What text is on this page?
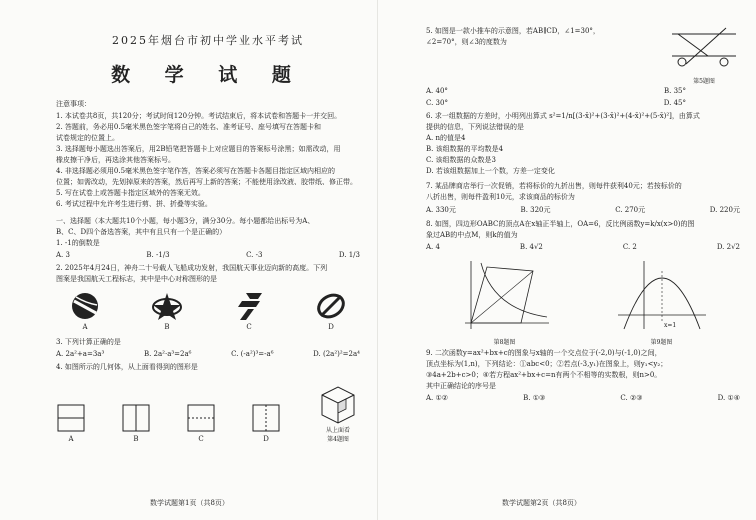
2025年烟台市初中学业水平考试
数 学 试 题
注意事项：
1. 本试卷共8页，共120分；考试时间120分钟。考试结束后，将本试卷和答题卡一并交回。
2. 答题前，务必用0.5毫米黑色签字笔将自己的姓名、准考证号、座号填写在答题卡和
试卷规定的位置上。
3. 选择题每小题选出答案后，用2B铅笔把答题卡上对应题目的答案标号涂黑；如需改动，用
橡皮擦干净后，再选涂其他答案标号。
4. 非选择题必须用0.5毫米黑色签字笔作答，答案必须写在答题卡各题目指定区域内相应的
位置；如需改动，先划掉原来的答案，然后再写上新的答案；不能使用涂改液、胶带纸、修正带。
5. 写在试卷上或答题卡指定区域外的答案无效。
6. 考试过程中允许考生进行剪、拼、折叠等实验。
一、选择题（本大题共10个小题，每小题3分，满分30分。每小题都给出标号为A、
B、C、D四个备选答案，其中有且只有一个是正确的）
1. -1的倒数是
A. 3	B. -1/3	C. -3	D. 1/3
2. 2025年4月24日，神舟二十号载人飞船成功发射，我国航天事业迈向新的高度。下列
图案是我国航天工程标志，其中是中心对称图形的是
A	B	C	D
3. 下列计算正确的是
A. 2a²+a=3a³	B. 2a²·a³=2a⁶	C. (-a²)³=-a⁶	D. (2a²)²=2a⁴
4. 如图所示的几何体，从上面看得到的图形是
A	B	C	D
从上面看
第4题图
数学试题第1页（共8页）
5. 如图是一款小推车的示意图，若AB∥CD，∠1=30°，
∠2=70°，则∠3的度数为
第5题图
A. 40°	B. 35°
C. 30°	D. 45°
6. 求一组数据的方差时，小明列出算式 s²=1/n[(3-x̄)²+(3-x̄)²+(4-x̄)²+(5-x̄)²]，由算式
提供的信息，下列说法错误的是
A. n的值是4
B. 该组数据的平均数是4
C. 该组数据的众数是3
D. 若该组数据加上一个数，方差一定变化
7. 某品牌商店举行一次促销，若将标价的九折出售，则每件获利40元；若按标价的
八折出售，则每件盈利10元，求该商品的标价为
A. 330元	B. 320元	C. 270元	D. 220元
8. 如图，四边形OABC的顶点A在x轴正半轴上，OA=6，反比例函数y=k/x(x>0)的图
象过AB的中点M，则k的值为
A. 4	B. 4√2	C. 2	D. 2√2
第8题图
x=1
第9题图
9. 二次函数y=ax²+bx+c的图象与x轴的一个交点位于(-2,0)与(-1,0)之间，
顶点坐标为(1,n)，下列结论：①abc<0；②若点(-3,y₁)在图象上，则y₁<y₂；
③4a+2b+c>0；④若方程ax²+bx+c=n有两个不相等的实数根，则n>0。
其中正确结论的序号是
A. ①②	B. ①③	C. ②③	D. ①④
数学试题第2页（共8页）
